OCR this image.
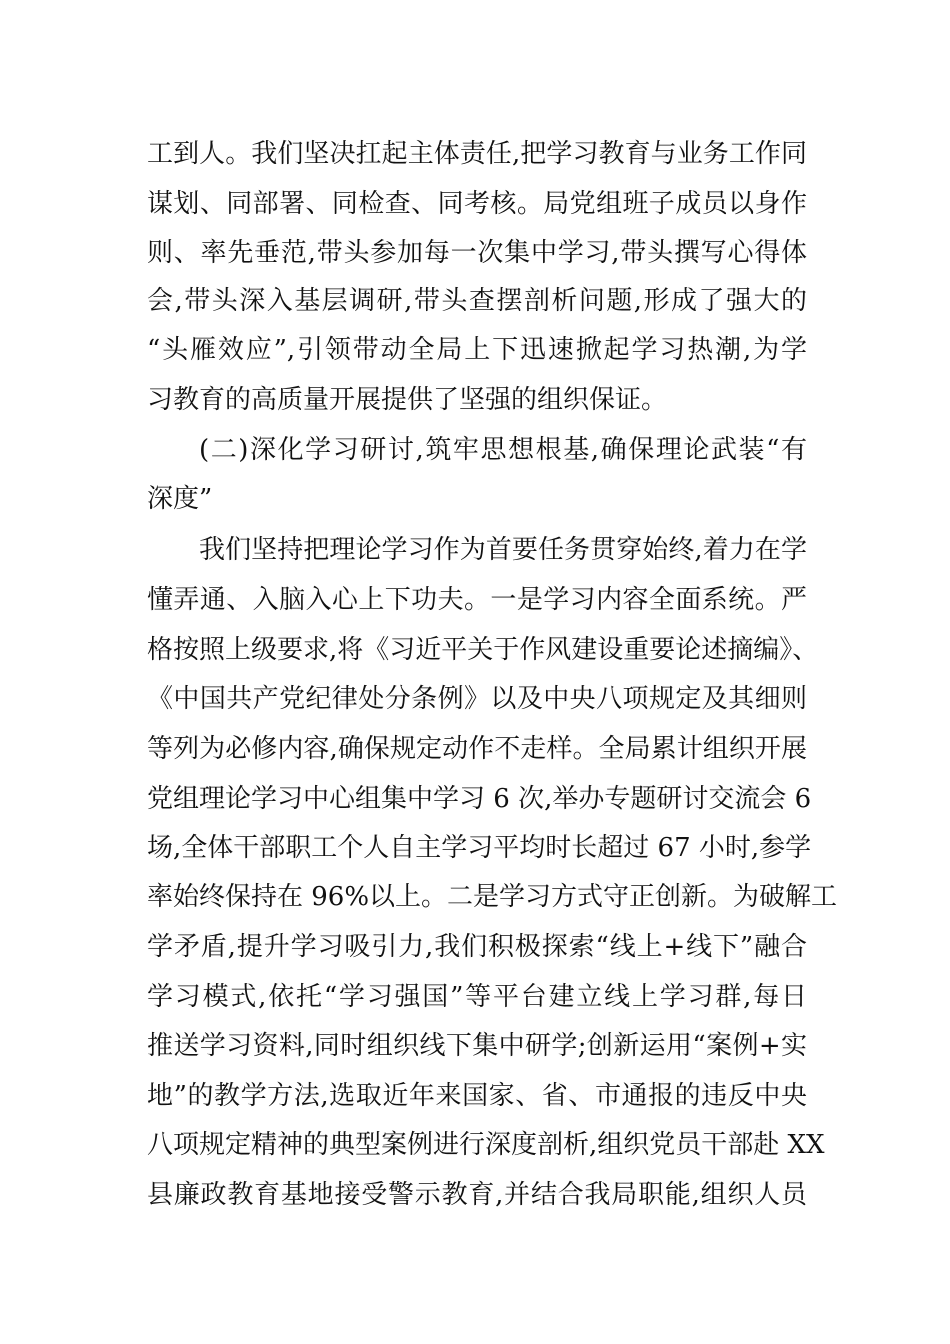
工到人。我们坚决扛起主体责任,把学习教育与业务工作同
谋划、同部署、同检查、同考核。局党组班子成员以身作
则、率先垂范,带头参加每一次集中学习,带头撰写心得体
会,带头深入基层调研,带头查摆剖析问题,形成了强大的
“头雁效应”,引领带动全局上下迅速掀起学习热潮,为学
习教育的高质量开展提供了坚强的组织保证。
(二)深化学习研讨,筑牢思想根基,确保理论武装“有
深度”
我们坚持把理论学习作为首要任务贯穿始终,着力在学
懂弄通、入脑入心上下功夫。一是学习内容全面系统。严
格按照上级要求,将《习近平关于作风建设重要论述摘编》、
《中国共产党纪律处分条例》以及中央八项规定及其细则
等列为必修内容,确保规定动作不走样。全局累计组织开展
党组理论学习中心组集中学习 6 次,举办专题研讨交流会 6
场,全体干部职工个人自主学习平均时长超过 67 小时,参学
率始终保持在 96%以上。二是学习方式守正创新。为破解工
学矛盾,提升学习吸引力,我们积极探索“线上+线下”融合
学习模式,依托“学习强国”等平台建立线上学习群,每日
推送学习资料,同时组织线下集中研学;创新运用“案例+实
地”的教学方法,选取近年来国家、省、市通报的违反中央
八项规定精神的典型案例进行深度剖析,组织党员干部赴 XX
县廉政教育基地接受警示教育,并结合我局职能,组织人员
